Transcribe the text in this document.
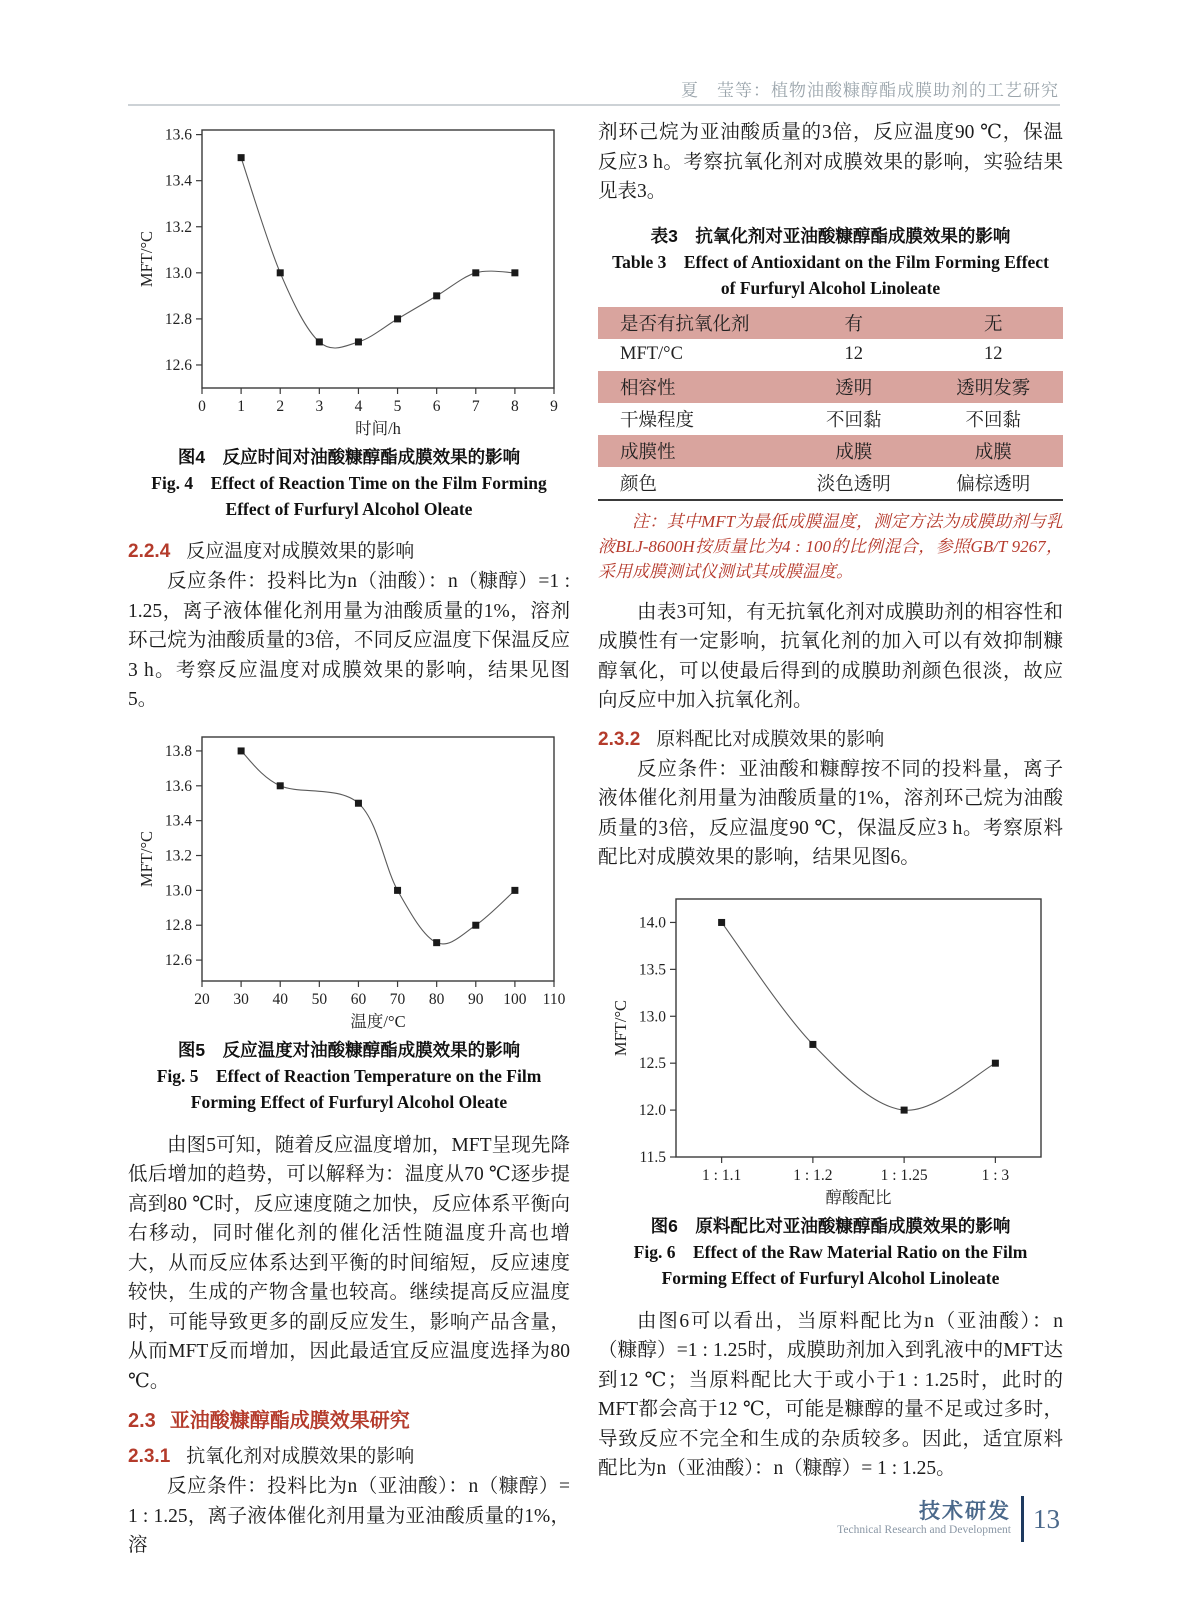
夏　莹等：植物油酸糠醇酯成膜助剂的工艺研究
12.6
12.8
13.0
13.2
13.4
13.6
0 1 2 3 4 5 6 7 8 9
时间/h
MFT/°C
图4　反应时间对油酸糠醇酯成膜效果的影响
Fig. 4　Effect of Reaction Time on the Film Forming
Effect of Furfuryl Alcohol Oleate
2.2.4 反应温度对成膜效果的影响

反应条件：投料比为n（油酸）：n（糠醇）=1 : 1.25，离子液体催化剂用量为油酸质量的1%，溶剂环己烷为油酸质量的3倍，不同反应温度下保温反应3 h。考察反应温度对成膜效果的影响，结果见图5。

12.6
12.8
13.0
13.2
13.4
13.6
13.8
20 30 40 50 60 70 80 90 100 110
温度/°C
MFT/°C
图5　反应温度对油酸糠醇酯成膜效果的影响
Fig. 5　Effect of Reaction Temperature on the Film
Forming Effect of Furfuryl Alcohol Oleate

由图5可知，随着反应温度增加，MFT呈现先降低后增加的趋势，可以解释为：温度从70 ℃逐步提高到80 ℃时，反应速度随之加快，反应体系平衡向右移动，同时催化剂的催化活性随温度升高也增大，从而反应体系达到平衡的时间缩短，反应速度较快，生成的产物含量也较高。继续提高反应温度时，可能导致更多的副反应发生，影响产品含量，从而MFT反而增加，因此最适宜反应温度选择为80 ℃。

2.3 亚油酸糠醇酯成膜效果研究
2.3.1 抗氧化剂对成膜效果的影响

反应条件：投料比为n（亚油酸）：n（糠醇）= 1 : 1.25，离子液体催化剂用量为亚油酸质量的1%，溶

剂环己烷为亚油酸质量的3倍，反应温度90 ℃，保温反应3 h。考察抗氧化剂对成膜效果的影响，实验结果见表3。

表3　抗氧化剂对亚油酸糠醇酯成膜效果的影响
Table 3　Effect of Antioxidant on the Film Forming Effect
of Furfuryl Alcohol Linoleate
是否有抗氧化剂	有	无
MFT/°C	12	12
相容性	透明	透明发雾
干燥程度	不回黏	不回黏
成膜性	成膜	成膜
颜色	淡色透明	偏棕透明
注：其中MFT为最低成膜温度，测定方法为成膜助剂与乳液BLJ-8600H按质量比为4 : 100的比例混合，参照GB/T 9267，采用成膜测试仪测试其成膜温度。

由表3可知，有无抗氧化剂对成膜助剂的相容性和成膜性有一定影响，抗氧化剂的加入可以有效抑制糠醇氧化，可以使最后得到的成膜助剂颜色很淡，故应向反应中加入抗氧化剂。

2.3.2 原料配比对成膜效果的影响

反应条件：亚油酸和糠醇按不同的投料量，离子液体催化剂用量为油酸质量的1%，溶剂环己烷为油酸质量的3倍，反应温度90 ℃，保温反应3 h。考察原料配比对成膜效果的影响，结果见图6。

11.5
12.0
12.5
13.0
13.5
14.0
1 : 1.1	1 : 1.2	1 : 1.25	1 : 3
醇酸配比
MFT/°C
图6　原料配比对亚油酸糠醇酯成膜效果的影响
Fig. 6　Effect of the Raw Material Ratio on the Film
Forming Effect of Furfuryl Alcohol Linoleate

由图6可以看出，当原料配比为n（亚油酸）：n（糠醇）=1 : 1.25时，成膜助剂加入到乳液中的MFT达到12 ℃；当原料配比大于或小于1 : 1.25时，此时的MFT都会高于12 ℃，可能是糠醇的量不足或过多时，导致反应不完全和生成的杂质较多。因此，适宜原料配比为n（亚油酸）：n（糠醇）= 1 : 1.25。

技术研发
Technical Research and Development 13
